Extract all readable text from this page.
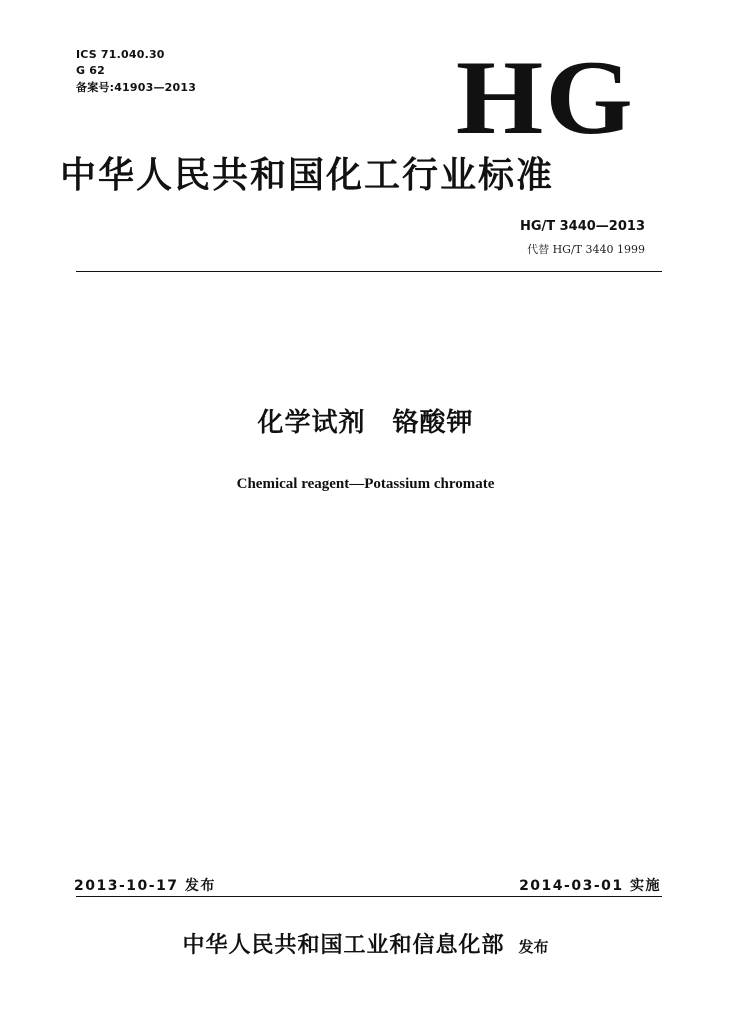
ICS 71.040.30
G 62
备案号:41903—2013 HG
中华人民共和国化工行业标准
HG/T 3440—2013
代替 HG/T 3440 1999
化学试剂　铬酸钾
Chemical reagent—Potassium chromate
2013-10-17 发布	2014-03-01 实施
中华人民共和国工业和信息化部 发布
